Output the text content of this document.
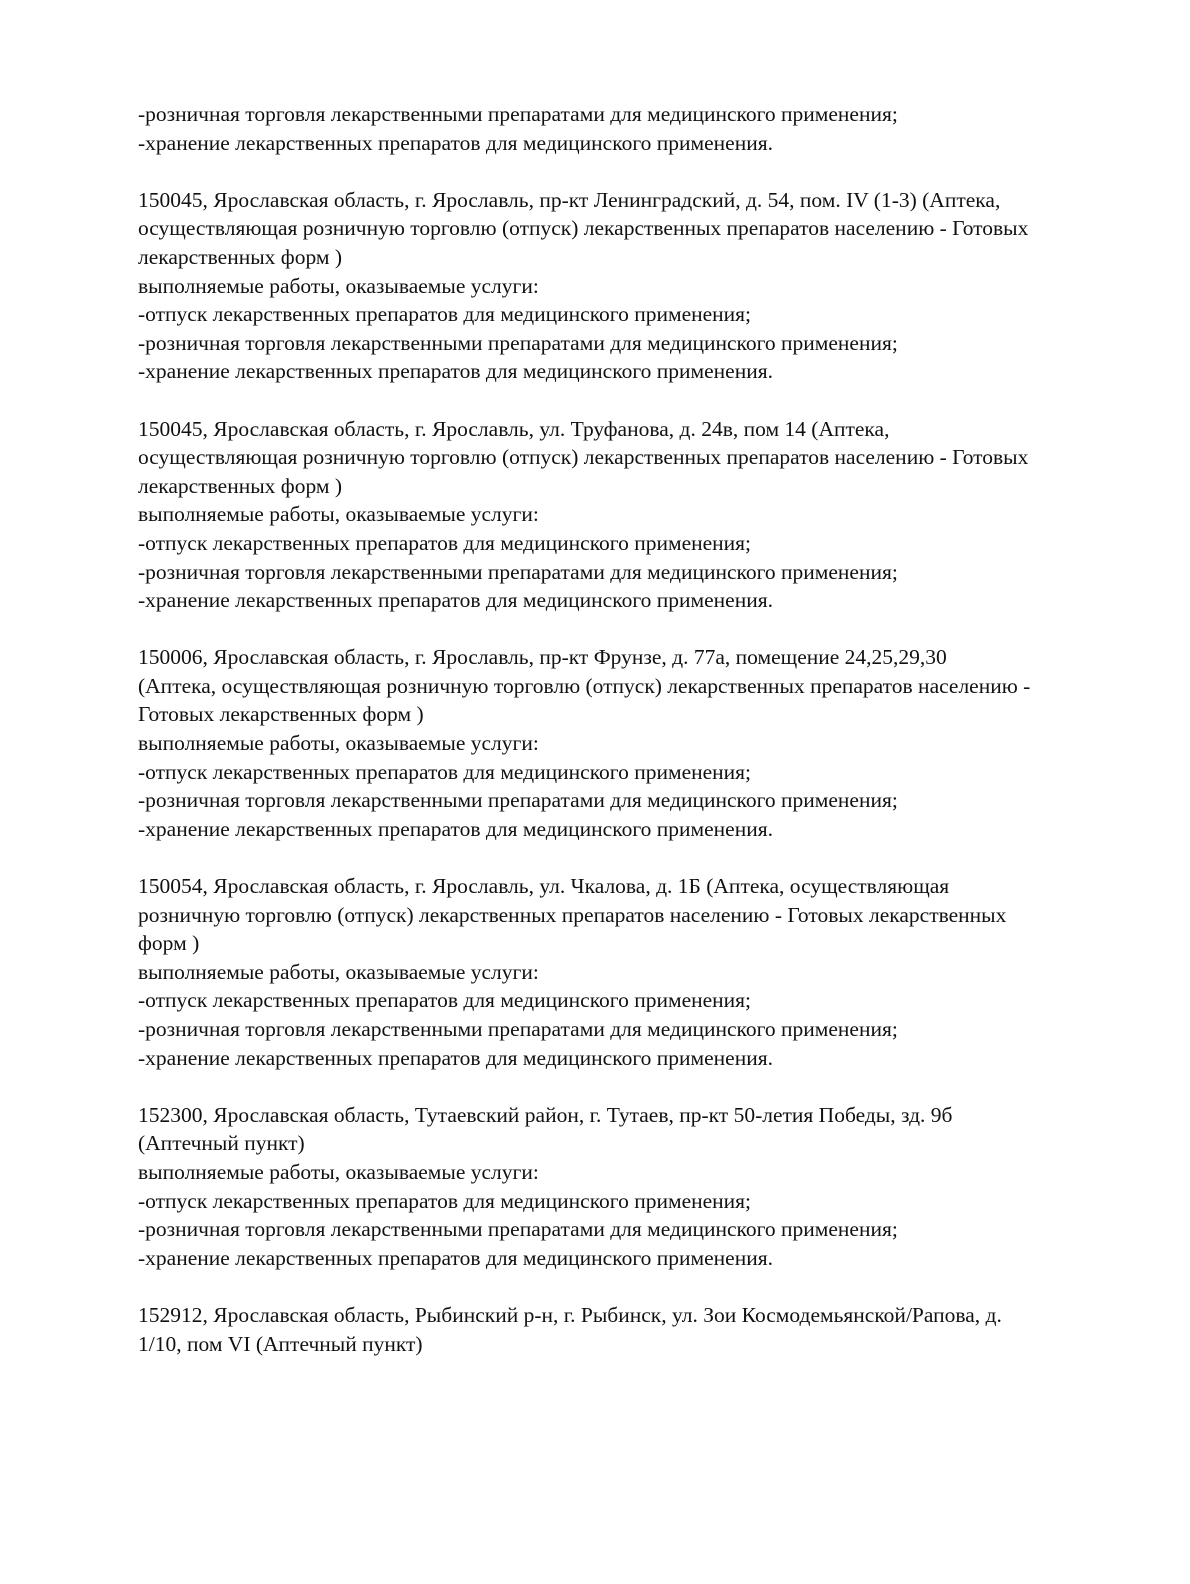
-розничная торговля лекарственными препаратами для медицинского применения;
-хранение лекарственных препаратов для медицинского применения.
150045, Ярославская область, г. Ярославль, пр-кт Ленинградский, д. 54, пом. IV (1-3) (Аптека,
осуществляющая розничную торговлю (отпуск) лекарственных препаратов населению - Готовых
лекарственных форм )
выполняемые работы, оказываемые услуги:
-отпуск лекарственных препаратов для медицинского применения;
-розничная торговля лекарственными препаратами для медицинского применения;
-хранение лекарственных препаратов для медицинского применения.
150045, Ярославская область, г. Ярославль, ул. Труфанова, д. 24в, пом 14 (Аптека,
осуществляющая розничную торговлю (отпуск) лекарственных препаратов населению - Готовых
лекарственных форм )
выполняемые работы, оказываемые услуги:
-отпуск лекарственных препаратов для медицинского применения;
-розничная торговля лекарственными препаратами для медицинского применения;
-хранение лекарственных препаратов для медицинского применения.
150006, Ярославская область, г. Ярославль, пр-кт Фрунзе, д. 77а, помещение 24,25,29,30
(Аптека, осуществляющая розничную торговлю (отпуск) лекарственных препаратов населению -
Готовых лекарственных форм )
выполняемые работы, оказываемые услуги:
-отпуск лекарственных препаратов для медицинского применения;
-розничная торговля лекарственными препаратами для медицинского применения;
-хранение лекарственных препаратов для медицинского применения.
150054, Ярославская область, г. Ярославль, ул. Чкалова, д. 1Б (Аптека, осуществляющая
розничную торговлю (отпуск) лекарственных препаратов населению - Готовых лекарственных
форм )
выполняемые работы, оказываемые услуги:
-отпуск лекарственных препаратов для медицинского применения;
-розничная торговля лекарственными препаратами для медицинского применения;
-хранение лекарственных препаратов для медицинского применения.
152300, Ярославская область, Тутаевский район, г. Тутаев, пр-кт 50-летия Победы, зд. 9б
(Аптечный пункт)
выполняемые работы, оказываемые услуги:
-отпуск лекарственных препаратов для медицинского применения;
-розничная торговля лекарственными препаратами для медицинского применения;
-хранение лекарственных препаратов для медицинского применения.
152912, Ярославская область, Рыбинский р-н, г. Рыбинск, ул. Зои Космодемьянской/Рапова, д.
1/10, пом VI (Аптечный пункт)
